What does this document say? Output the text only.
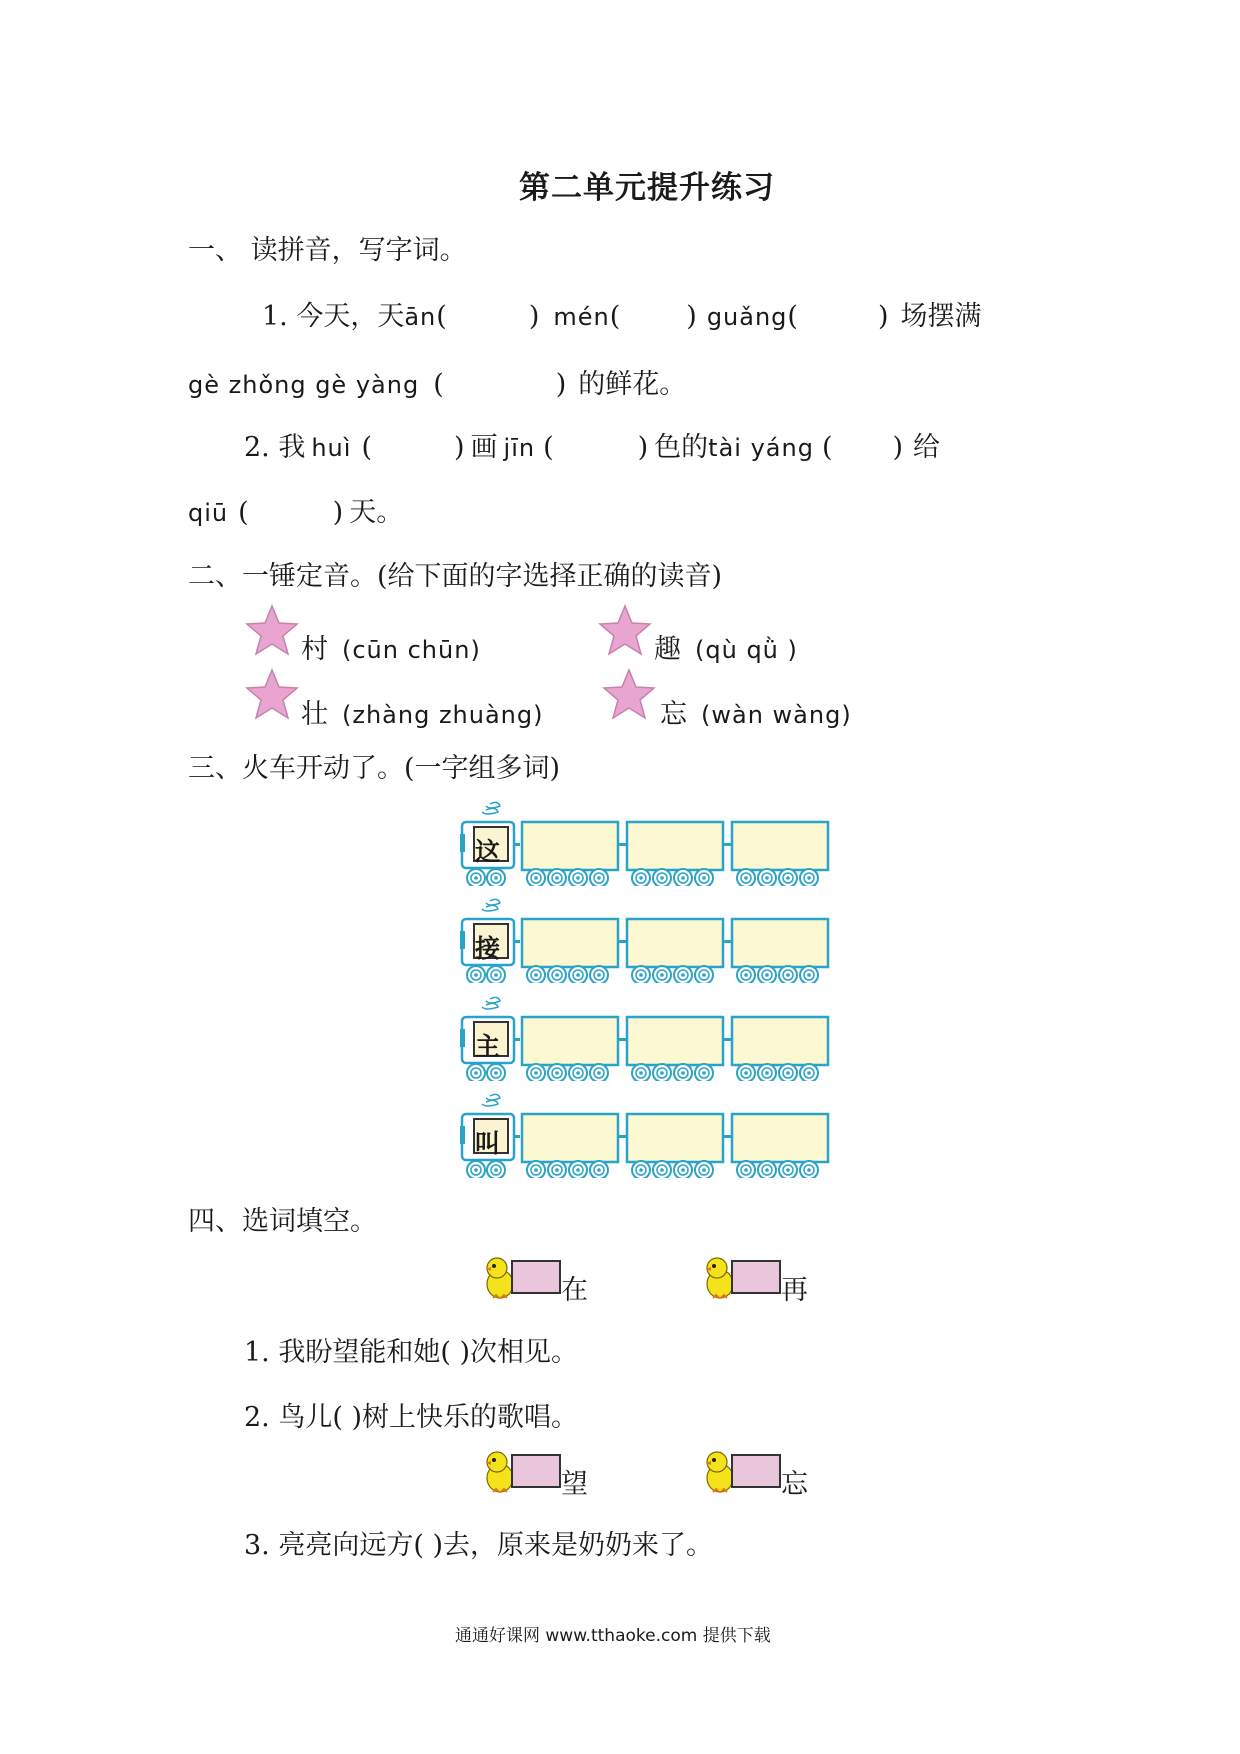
第二单元提升练习
一、 读拼音，写字词。
1. 今天，天ān(	) mén( ) guǎng(	) 场摆满
gè zhǒng gè yàng (	) 的鲜花。
2. 我 huì (	) 画 jīn (	) 色的tài yáng ( ) 给
qiū (	) 天。
二、一锤定音。(给下面的字选择正确的读音)
村 (cūn chūn)	趣 (qù qǜ )
壮 (zhàng zhuàng)	忘 (wàn wàng)
三、火车开动了。(一字组多词)
四、选词填空。
在	再
1. 我盼望能和她( )次相见。
2. 鸟儿( )树上快乐的歌唱。
望	忘
3. 亮亮向远方( )去，原来是奶奶来了。
通通好课网 www.tthaoke.com 提供下载
这
接
主
叫
